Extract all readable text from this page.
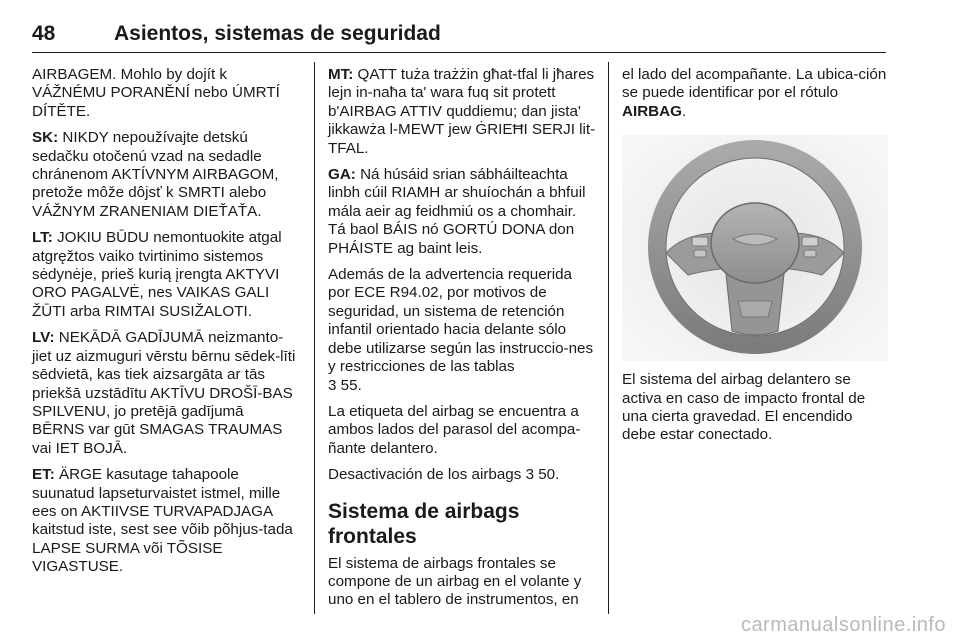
48	Asientos, sistemas de seguridad

AIRBAGEM. Mohlo by dojít k VÁŽNÉMU PORANĚNÍ nebo ÚMRTÍ DÍTĚTE.

SK: NIKDY nepoužívajte detskú sedačku otočenú vzad na sedadle chránenom AKTÍVNYM AIRBAGOM, pretože môže dôjsť k SMRTI alebo VÁŽNYM ZRANENIAM DIEŤAŤA.

LT: JOKIU BŪDU nemontuokite atgal atgręžtos vaiko tvirtinimo sistemos sėdynėje, prieš kurią įrengta AKTYVI ORO PAGALVĖ, nes VAIKAS GALI ŽŪTI arba RIMTAI SUSIŽALOTI.

LV: NEKĀDĀ GADĪJUMĀ neizmanto-jiet uz aizmuguri vērstu bērnu sēdek-līti sēdvietā, kas tiek aizsargāta ar tās priekšā uzstādītu AKTĪVU DROŠĪ-BAS SPILVENU, jo pretējā gadījumā BĒRNS var gūt SMAGAS TRAUMAS vai IET BOJĀ.

ET: ÄRGE kasutage tahapoole suunatud lapseturvaistet istmel, mille ees on AKTIIVSE TURVAPADJAGA kaitstud iste, sest see võib põhjus-tada LAPSE SURMA või TÕSISE VIGASTUSE.

MT: QATT tuża trażżin għat-tfal li jħares lejn in-naħa ta' wara fuq sit protett b'AIRBAG ATTIV quddiemu; dan jista' jikkawża l-MEWT jew ĠRIEĦI SERJI lit-TFAL.

GA: Ná húsáid srian sábháilteachta linbh cúil RIAMH ar shuíochán a bhfuil mála aeir ag feidhmiú os a chomhair. Tá baol BÁIS nó GORTÚ DONA don PHÁISTE ag baint leis.

Además de la advertencia requerida por ECE R94.02, por motivos de seguridad, un sistema de retención infantil orientado hacia delante sólo debe utilizarse según las instruccio-nes y restricciones de las tablas
3 55.

La etiqueta del airbag se encuentra a ambos lados del parasol del acompa-ñante delantero.

Desactivación de los airbags 3 50.

Sistema de airbags frontales

El sistema de airbags frontales se compone de un airbag en el volante y uno en el tablero de instrumentos, en

el lado del acompañante. La ubica-ción se puede identificar por el rótulo AIRBAG.

El sistema del airbag delantero se activa en caso de impacto frontal de una cierta gravedad. El encendido debe estar conectado.

carmanualsonline.info
